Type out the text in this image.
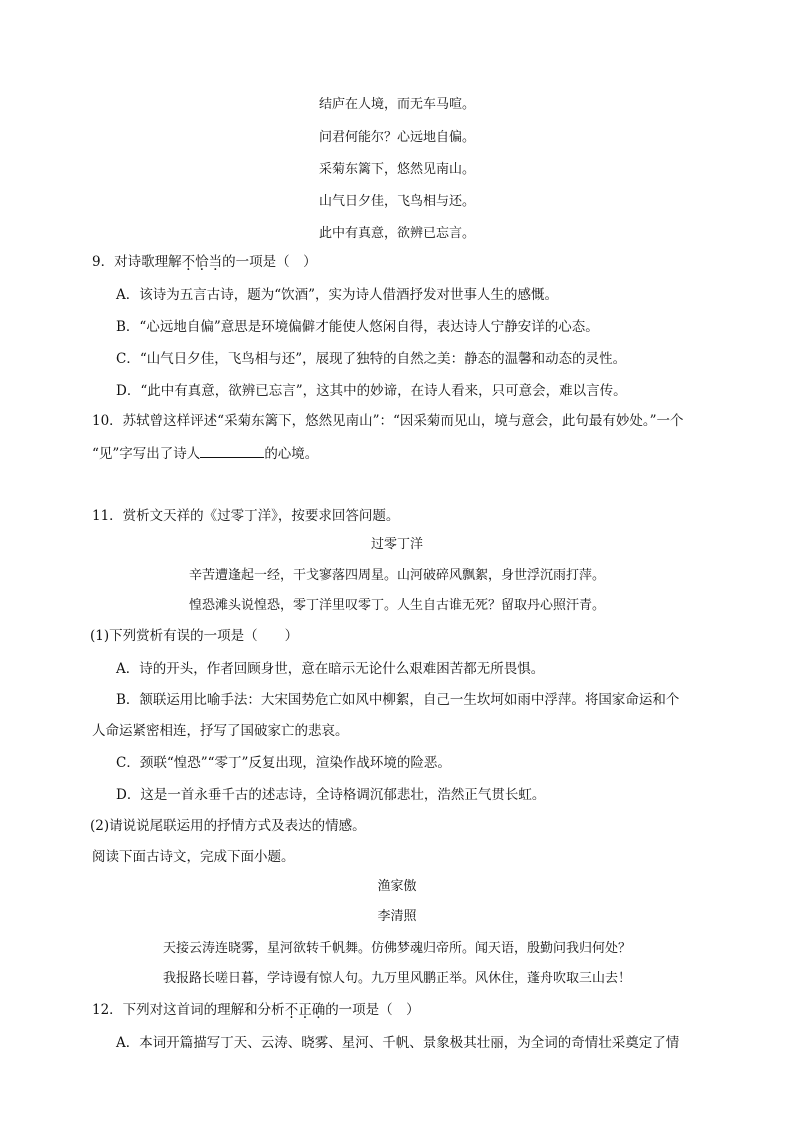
结庐在人境，而无车马喧。
问君何能尔？心远地自偏。
采菊东篱下，悠然见南山。
山气日夕佳，飞鸟相与还。
此中有真意，欲辨已忘言。
9．对诗歌理解不恰当的一项是（　）
A．该诗为五言古诗，题为“饮酒”，实为诗人借酒抒发对世事人生的感慨。
B．“心远地自偏”意思是环境偏僻才能使人悠闲自得，表达诗人宁静安详的心态。
C．“山气日夕佳，飞鸟相与还”，展现了独特的自然之美：静态的温馨和动态的灵性。
D．“此中有真意，欲辨已忘言”，这其中的妙谛，在诗人看来，只可意会，难以言传。
10．苏轼曾这样评述“采菊东篱下，悠然见南山”：“因采菊而见山，境与意会，此句最有妙处。”一个
“见”字写出了诗人	的心境。
11．赏析文天祥的《过零丁洋》，按要求回答问题。
过零丁洋
辛苦遭逢起一经，干戈寥落四周星。山河破碎风飘絮，身世浮沉雨打萍。
惶恐滩头说惶恐，零丁洋里叹零丁。人生自古谁无死？留取丹心照汗青。
(1)下列赏析有误的一项是（　　）
A．诗的开头，作者回顾身世，意在暗示无论什么艰难困苦都无所畏惧。
B．颔联运用比喻手法：大宋国势危亡如风中柳絮，自己一生坎坷如雨中浮萍。将国家命运和个
人命运紧密相连，抒写了国破家亡的悲哀。
C．颈联“惶恐”“零丁”反复出现，渲染作战环境的险恶。
D．这是一首永垂千古的述志诗，全诗格调沉郁悲壮，浩然正气贯长虹。
(2)请说说尾联运用的抒情方式及表达的情感。
阅读下面古诗文，完成下面小题。
渔家傲
李清照
天接云涛连晓雾，星河欲转千帆舞。仿佛梦魂归帝所。闻天语，殷勤问我归何处？
我报路长嗟日暮，学诗谩有惊人句。九万里风鹏正举。风休住，蓬舟吹取三山去！
12．下列对这首词的理解和分析不正确的一项是（　）
A．本词开篇描写丁天、云涛、晓雾、星河、千帆、景象极其壮丽，为全词的奇情壮采奠定了情
